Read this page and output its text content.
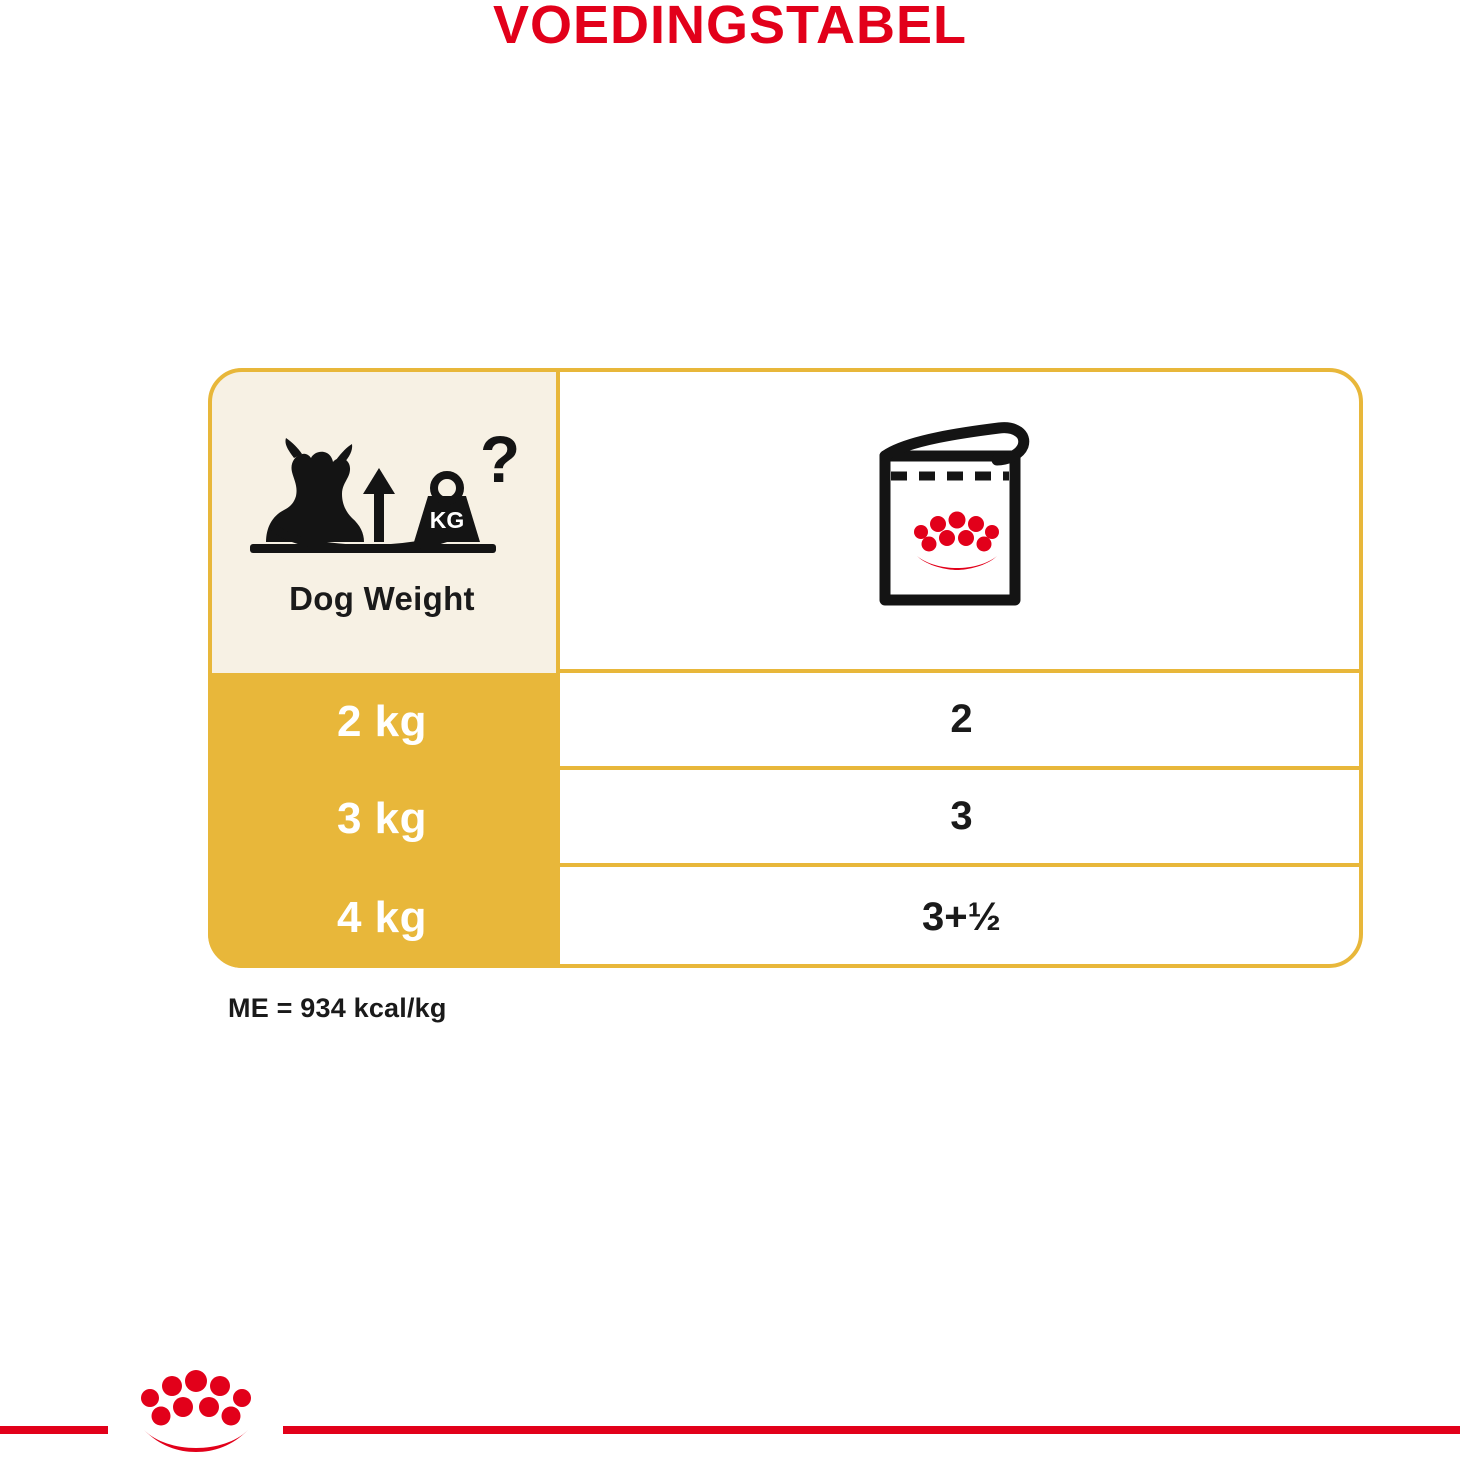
VOEDINGSTABEL
KG
?
Dog Weight
2 kg	2
3 kg	3
4 kg	3+½
ME = 934 kcal/kg
